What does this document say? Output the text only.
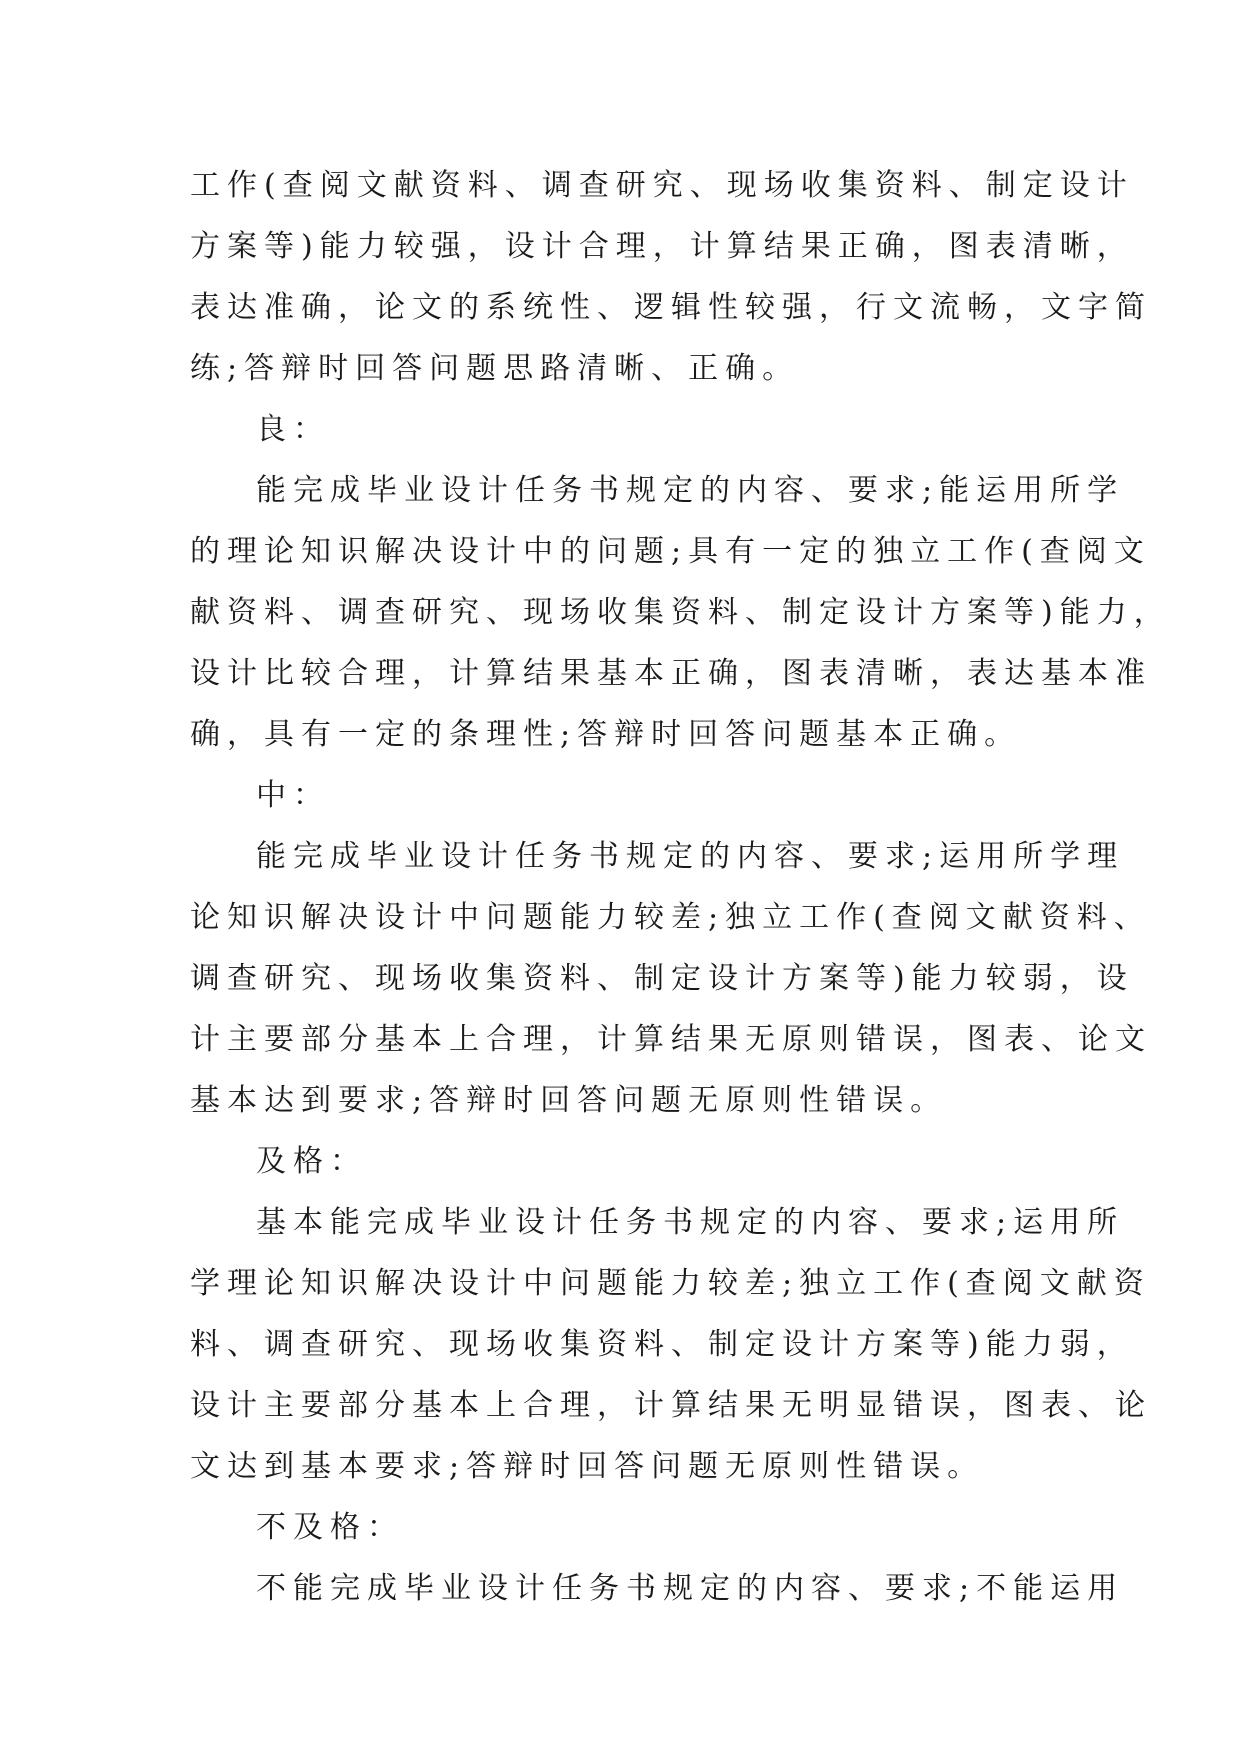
工作(查阅文献资料、调查研究、现场收集资料、制定设计
方案等)能力较强，设计合理，计算结果正确，图表清晰，
表达准确，论文的系统性、逻辑性较强，行文流畅，文字简
练;答辩时回答问题思路清晰、正确。
良：
能完成毕业设计任务书规定的内容、要求;能运用所学
的理论知识解决设计中的问题;具有一定的独立工作(查阅文
献资料、调查研究、现场收集资料、制定设计方案等)能力，
设计比较合理，计算结果基本正确，图表清晰，表达基本准
确，具有一定的条理性;答辩时回答问题基本正确。
中：
能完成毕业设计任务书规定的内容、要求;运用所学理
论知识解决设计中问题能力较差;独立工作(查阅文献资料、
调查研究、现场收集资料、制定设计方案等)能力较弱，设
计主要部分基本上合理，计算结果无原则错误，图表、论文
基本达到要求;答辩时回答问题无原则性错误。
及格：
基本能完成毕业设计任务书规定的内容、要求;运用所
学理论知识解决设计中问题能力较差;独立工作(查阅文献资
料、调查研究、现场收集资料、制定设计方案等)能力弱，
设计主要部分基本上合理，计算结果无明显错误，图表、论
文达到基本要求;答辩时回答问题无原则性错误。
不及格：
不能完成毕业设计任务书规定的内容、要求;不能运用
